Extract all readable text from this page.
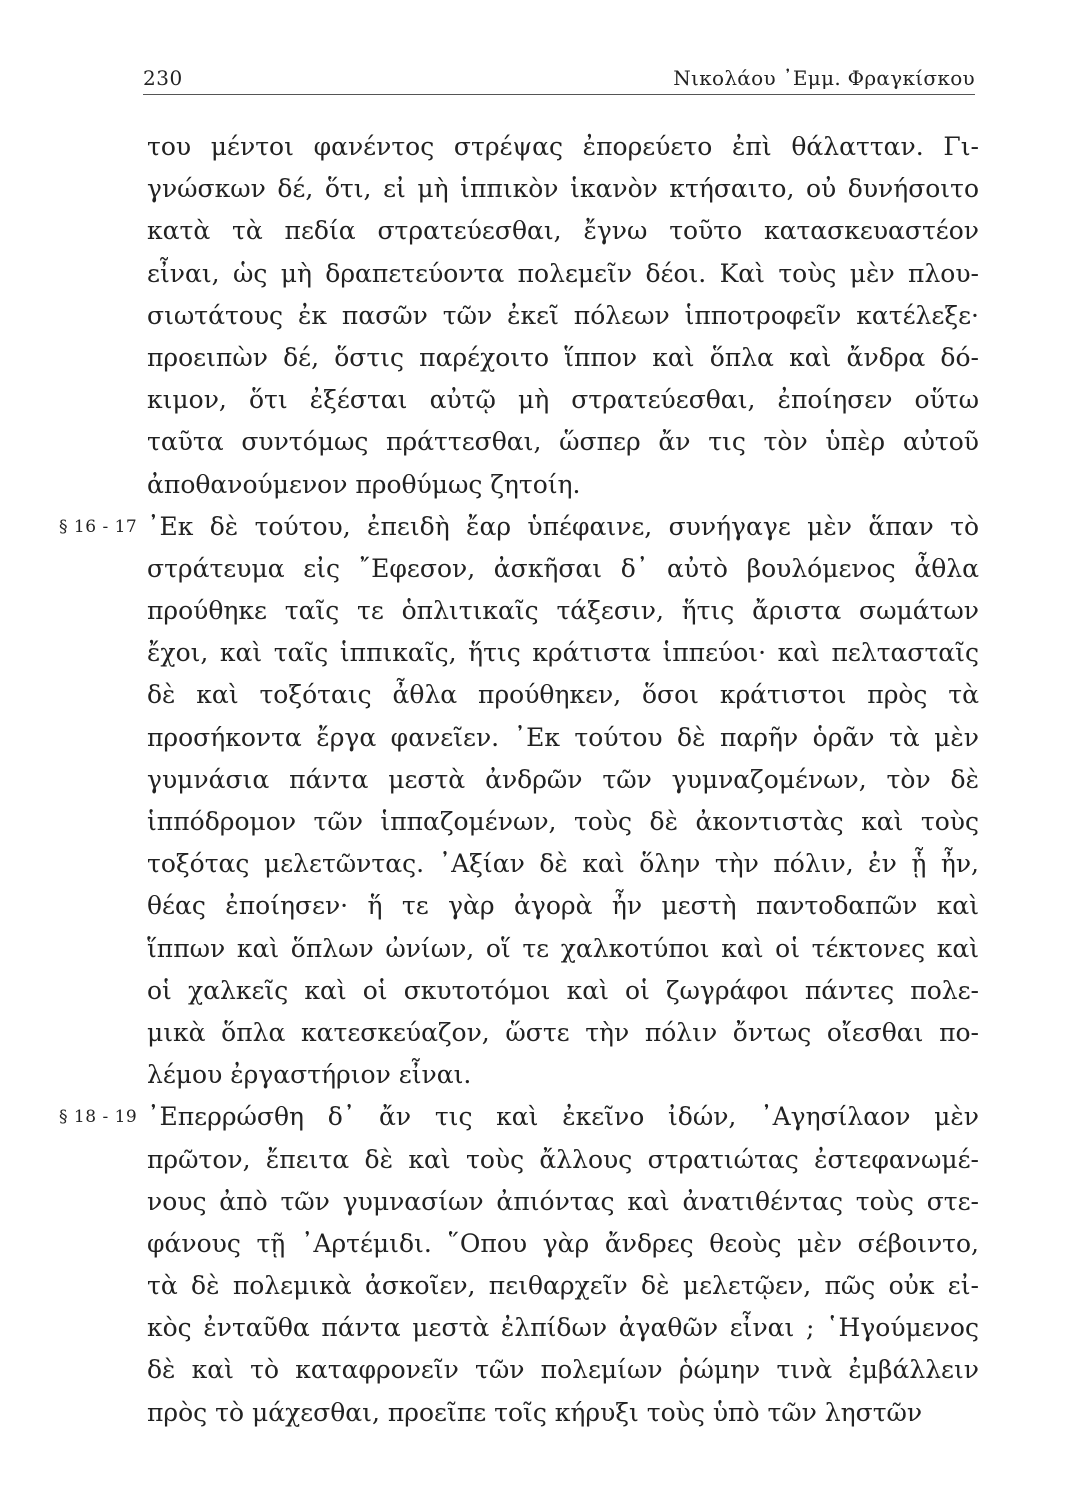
230	Νικολάου ᾿Εμμ. Φραγκίσκου
του μέντοι φανέντος στρέψας ἐπορεύετο ἐπὶ θάλατταν. Γι-
γνώσκων δέ, ὅτι, εἰ μὴ ἱππικὸν ἱκανὸν κτήσαιτο, οὐ δυνήσοιτο
κατὰ τὰ πεδία στρατεύεσθαι, ἔγνω τοῦτο κατασκευαστέον
εἶναι, ὡς μὴ δραπετεύοντα πολεμεῖν δέοι. Καὶ τοὺς μὲν πλου-
σιωτάτους ἐκ πασῶν τῶν ἐκεῖ πόλεων ἱπποτροφεῖν κατέλεξε·
προειπὼν δέ, ὅστις παρέχοιτο ἵππον καὶ ὅπλα καὶ ἄνδρα δό-
κιμον, ὅτι ἐξέσται αὐτῷ μὴ στρατεύεσθαι, ἐποίησεν οὕτω
ταῦτα συντόμως πράττεσθαι, ὥσπερ ἄν τις τὸν ὑπὲρ αὐτοῦ
ἀποθανούμενον προθύμως ζητοίη.
§ 16 - 17 ᾿Εκ δὲ τούτου, ἐπειδὴ ἔαρ ὑπέφαινε, συνήγαγε μὲν ἅπαν τὸ
στράτευμα εἰς ῎Εφεσον, ἀσκῆσαι δ᾿ αὐτὸ βουλόμενος ἆθλα
προύθηκε ταῖς τε ὁπλιτικαῖς τάξεσιν, ἥτις ἄριστα σωμάτων
ἔχοι, καὶ ταῖς ἱππικαῖς, ἥτις κράτιστα ἱππεύοι· καὶ πελτασταῖς
δὲ καὶ τοξόταις ἆθλα προύθηκεν, ὅσοι κράτιστοι πρὸς τὰ
προσήκοντα ἔργα φανεῖεν. ᾿Εκ τούτου δὲ παρῆν ὁρᾶν τὰ μὲν
γυμνάσια πάντα μεστὰ ἀνδρῶν τῶν γυμναζομένων, τὸν δὲ
ἱππόδρομον τῶν ἱππαζομένων, τοὺς δὲ ἀκοντιστὰς καὶ τοὺς
τοξότας μελετῶντας. ᾿Αξίαν δὲ καὶ ὅλην τὴν πόλιν, ἐν ᾗ ἦν,
θέας ἐποίησεν· ἥ τε γὰρ ἀγορὰ ἦν μεστὴ παντοδαπῶν καὶ
ἵππων καὶ ὅπλων ὠνίων, οἵ τε χαλκοτύποι καὶ οἱ τέκτονες καὶ
οἱ χαλκεῖς καὶ οἱ σκυτοτόμοι καὶ οἱ ζωγράφοι πάντες πολε-
μικὰ ὅπλα κατεσκεύαζον, ὥστε τὴν πόλιν ὄντως οἴεσθαι πο-
λέμου ἐργαστήριον εἶναι.
§ 18 - 19 ᾿Επερρώσθη δ᾿ ἄν τις καὶ ἐκεῖνο ἰδών, ᾿Αγησίλαον μὲν
πρῶτον, ἔπειτα δὲ καὶ τοὺς ἄλλους στρατιώτας ἐστεφανωμέ-
νους ἀπὸ τῶν γυμνασίων ἀπιόντας καὶ ἀνατιθέντας τοὺς στε-
φάνους τῇ ᾿Αρτέμιδι. ῞Οπου γὰρ ἄνδρες θεοὺς μὲν σέβοιντο,
τὰ δὲ πολεμικὰ ἀσκοῖεν, πειθαρχεῖν δὲ μελετῷεν, πῶς οὐκ εἰ-
κὸς ἐνταῦθα πάντα μεστὰ ἐλπίδων ἀγαθῶν εἶναι ; ῾Ηγούμενος
δὲ καὶ τὸ καταφρονεῖν τῶν πολεμίων ῥώμην τινὰ ἐμβάλλειν
πρὸς τὸ μάχεσθαι, προεῖπε τοῖς κήρυξι τοὺς ὑπὸ τῶν ληστῶν
